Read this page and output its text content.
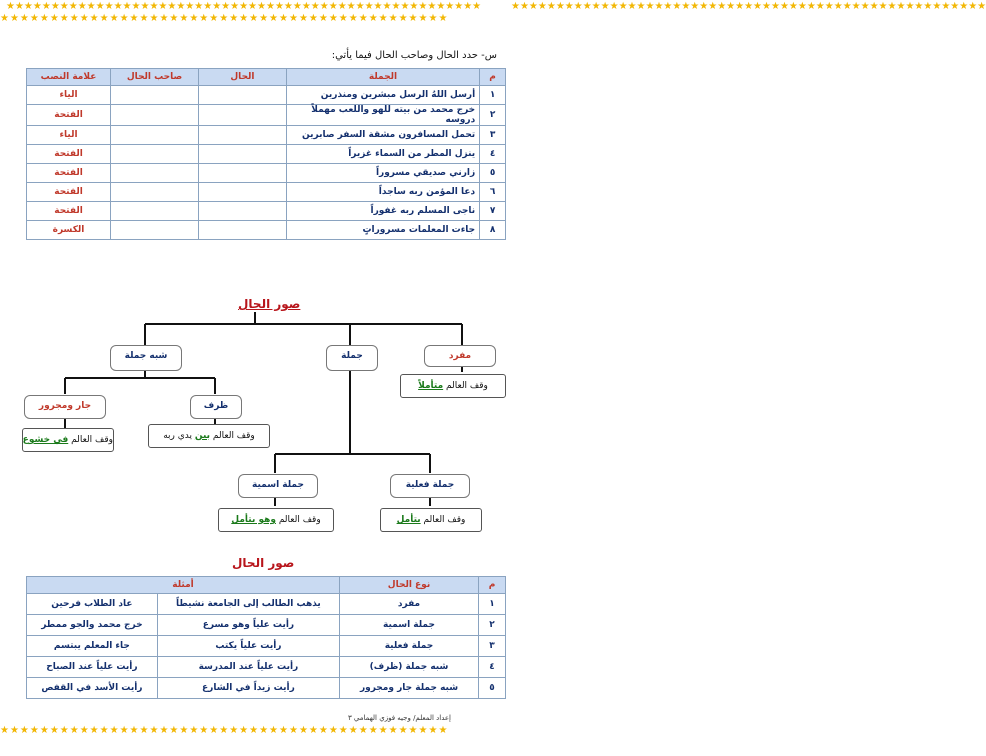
★★★★★★★★★★★★★★★★★★★★★★★★★★★★★★★★★★★★★★★★★★★★★
★★★★★★★★★★★★★★★★★★★★★★★★★★★★★★★★★★★★★★★★★★★★★
★★★★★★★★★★★★★★★★★★★★★★★★★★★★★★★★★★★★★★★★★★★★★★★★★★★★★	★★★★★★★★★★★★★★★★★★★★★★★★★★★★★★★★★★★★★★★★★★★★★★★★★★★★★
س- حدد الحال وصاحب الحال فيما يأتي:
م	الجملة	الحال	صاحب الحال	علامة النصب
١	أرسل اللهُ الرسل مبشرين ومنذرين			الياء
٢	خرج محمد من بيته للهو واللعب مهملاً دروسه			الفتحة
٣	تحمل المسافرون مشقة السفر صابرين			الياء
٤	ينزل المطر من السماء غزيراً			الفتحة
٥	زارني صديقي مسروراً			الفتحة
٦	دعا المؤمن ربه ساجداً			الفتحة
٧	ناجى المسلم ربه غفوراً			الفتحة
٨	جاءت المعلمات مسروراتٍ			الكسرة
صور الحال
مفرد
جملة
شبه جملة
ظرف
جار ومجرور
جملة فعلية
جملة اسمية
وقف العالم متأملاً
وقف العالم بين يدي ربه
وقف العالم في خشوع
وقف العالم يتأمل
وقف العالم وهو يتأمل
صور الحال
م	نوع الحال	أمثلة	
١	مفرد	يذهب الطالب إلى الجامعة نشيطاً	عاد الطلاب فرحين
٢	جملة اسمية	رأيت علياً وهو مسرع	خرج محمد والجو ممطر
٣	جملة فعلية	رأيت علياً يكتب	جاء المعلم يبتسم
٤	شبه جملة (ظرف)	رأيت علياً عند المدرسة	رأيت علياً عند الصباح
٥	شبه جملة جار ومجرور	رأيت زيداً في الشارع	رأيت الأسد في القفص
إعداد المعلم/ وجيه فوزي الهمامي ٣
